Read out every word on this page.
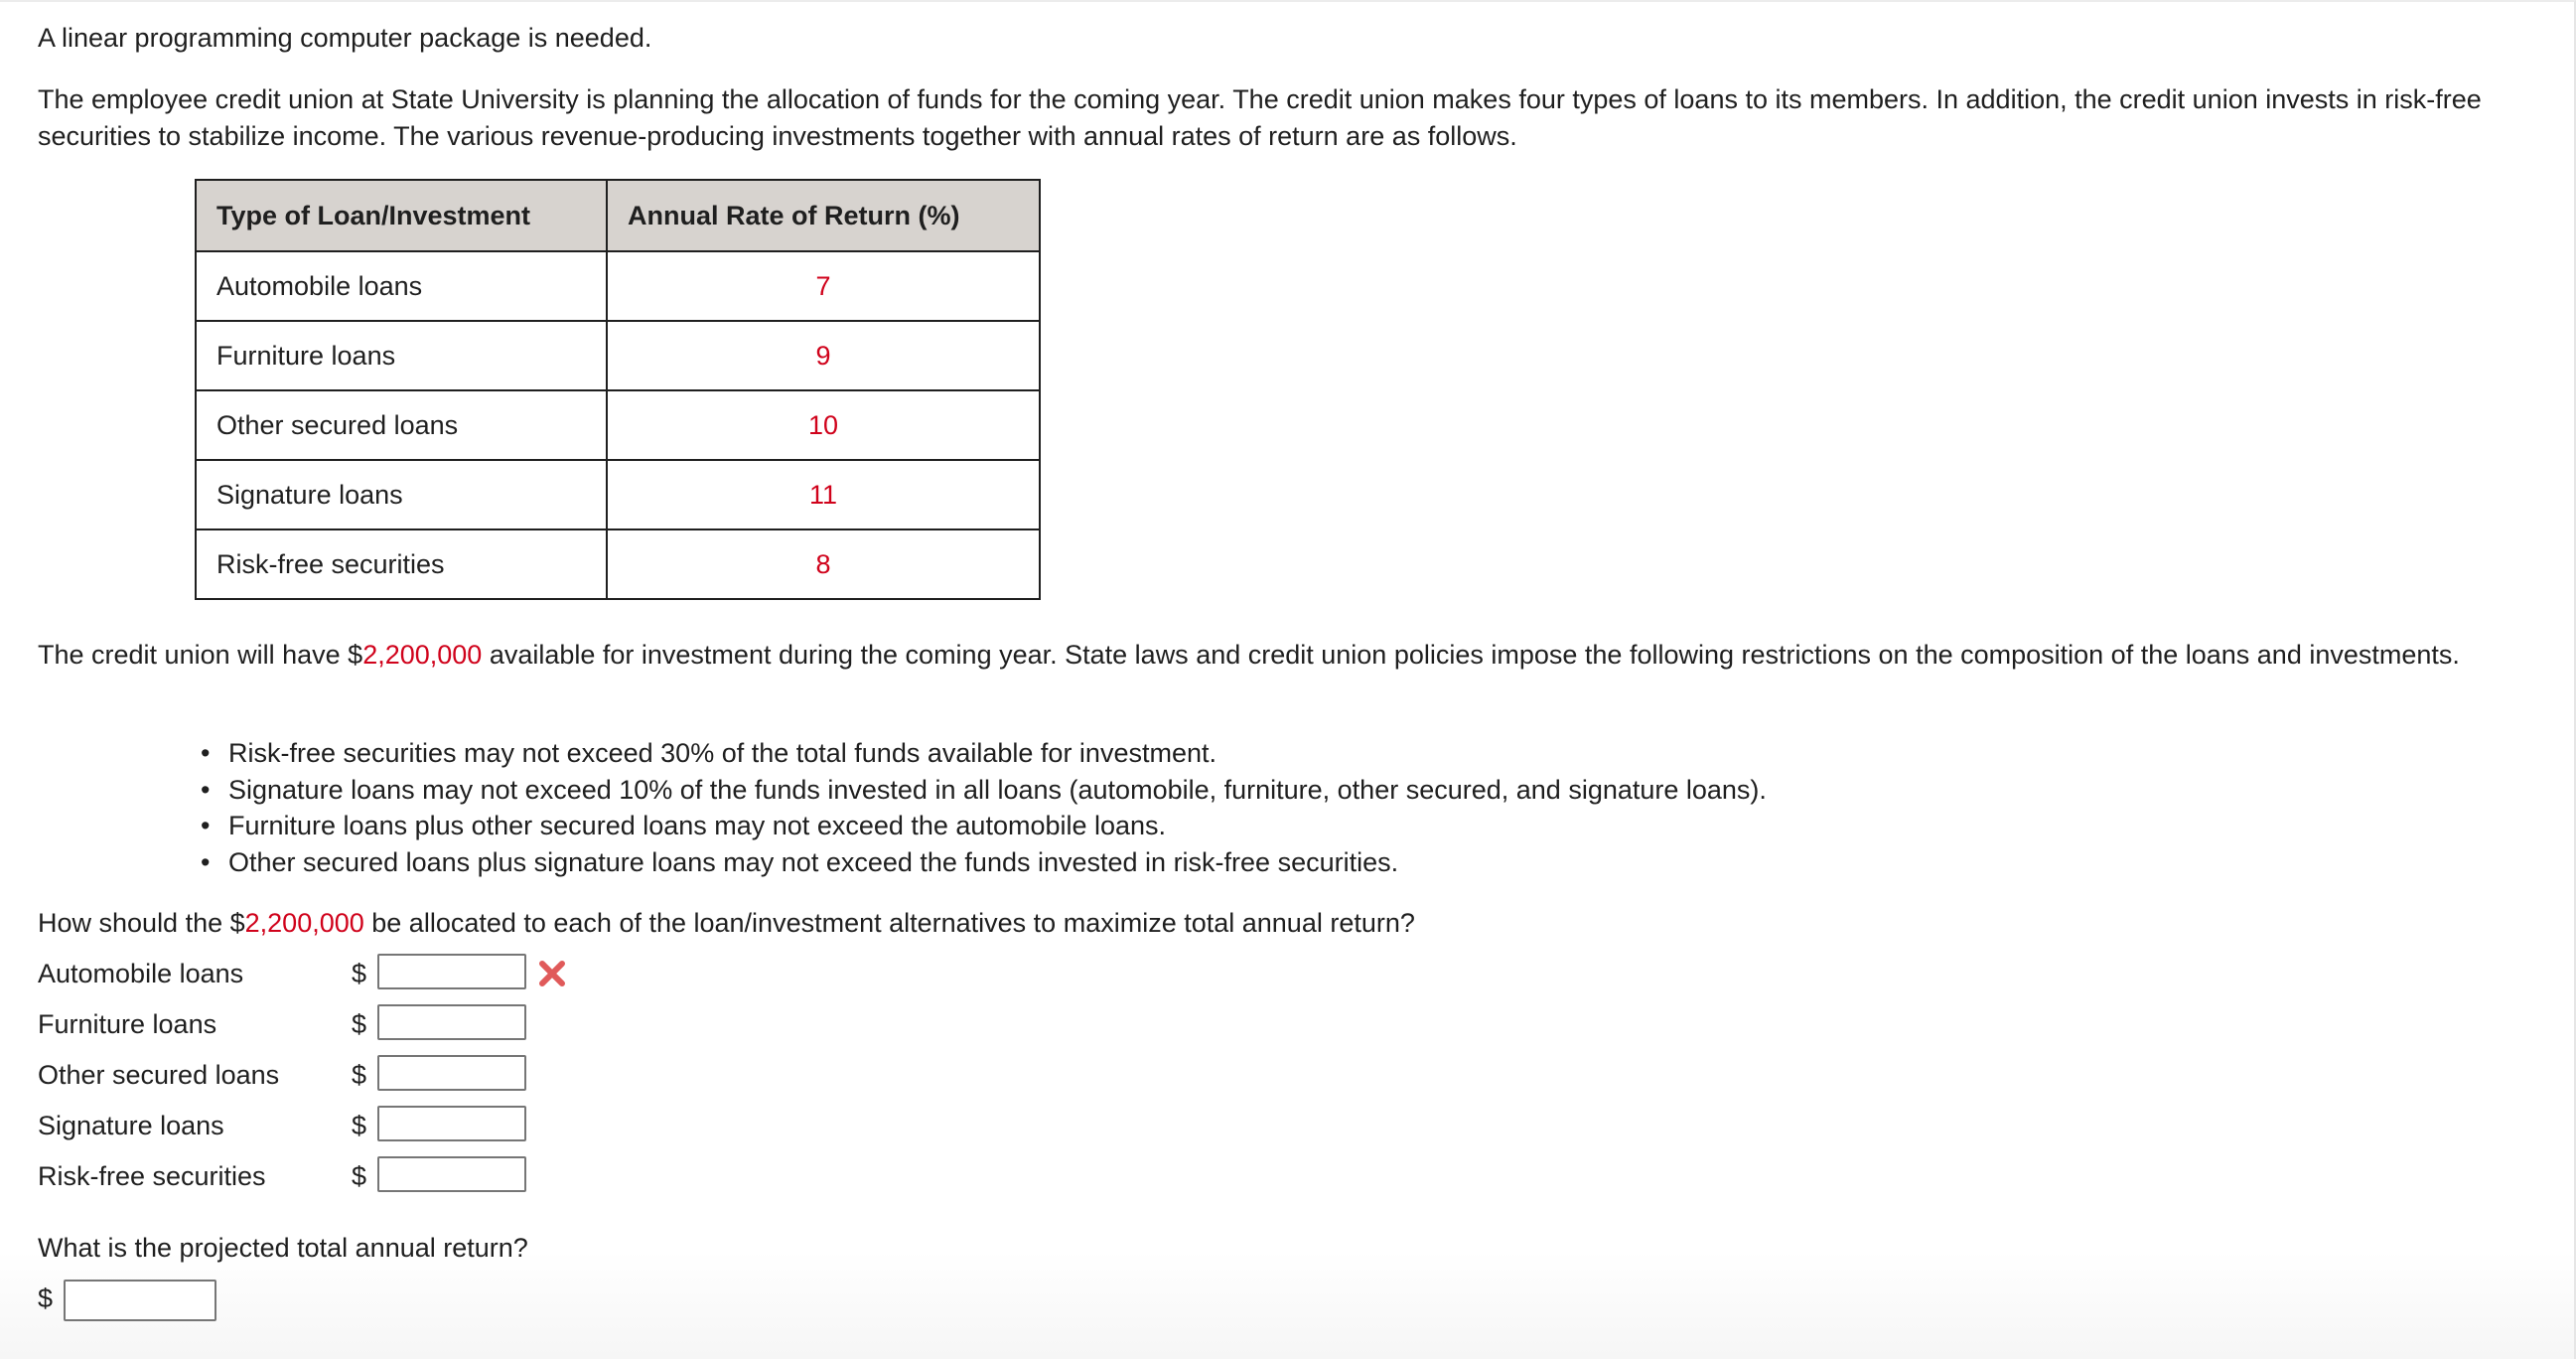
A linear programming computer package is needed.

The employee credit union at State University is planning the allocation of funds for the coming year. The credit union makes four types of loans to its members. In addition, the credit union invests in risk-free securities to stabilize income. The various revenue-producing investments together with annual rates of return are as follows.

Type of Loan/Investment	Annual Rate of Return (%)
Automobile loans	7
Furniture loans	9
Other secured loans	10
Signature loans	11
Risk-free securities	8

The credit union will have $2,200,000 available for investment during the coming year. State laws and credit union policies impose the following restrictions on the composition of the loans and investments.

• Risk-free securities may not exceed 30% of the total funds available for investment.
• Signature loans may not exceed 10% of the funds invested in all loans (automobile, furniture, other secured, and signature loans).
• Furniture loans plus other secured loans may not exceed the automobile loans.
• Other secured loans plus signature loans may not exceed the funds invested in risk-free securities.

How should the $2,200,000 be allocated to each of the loan/investment alternatives to maximize total annual return?

Automobile loans	$
Furniture loans	$
Other secured loans	$
Signature loans	$
Risk-free securities	$

What is the projected total annual return?

$
